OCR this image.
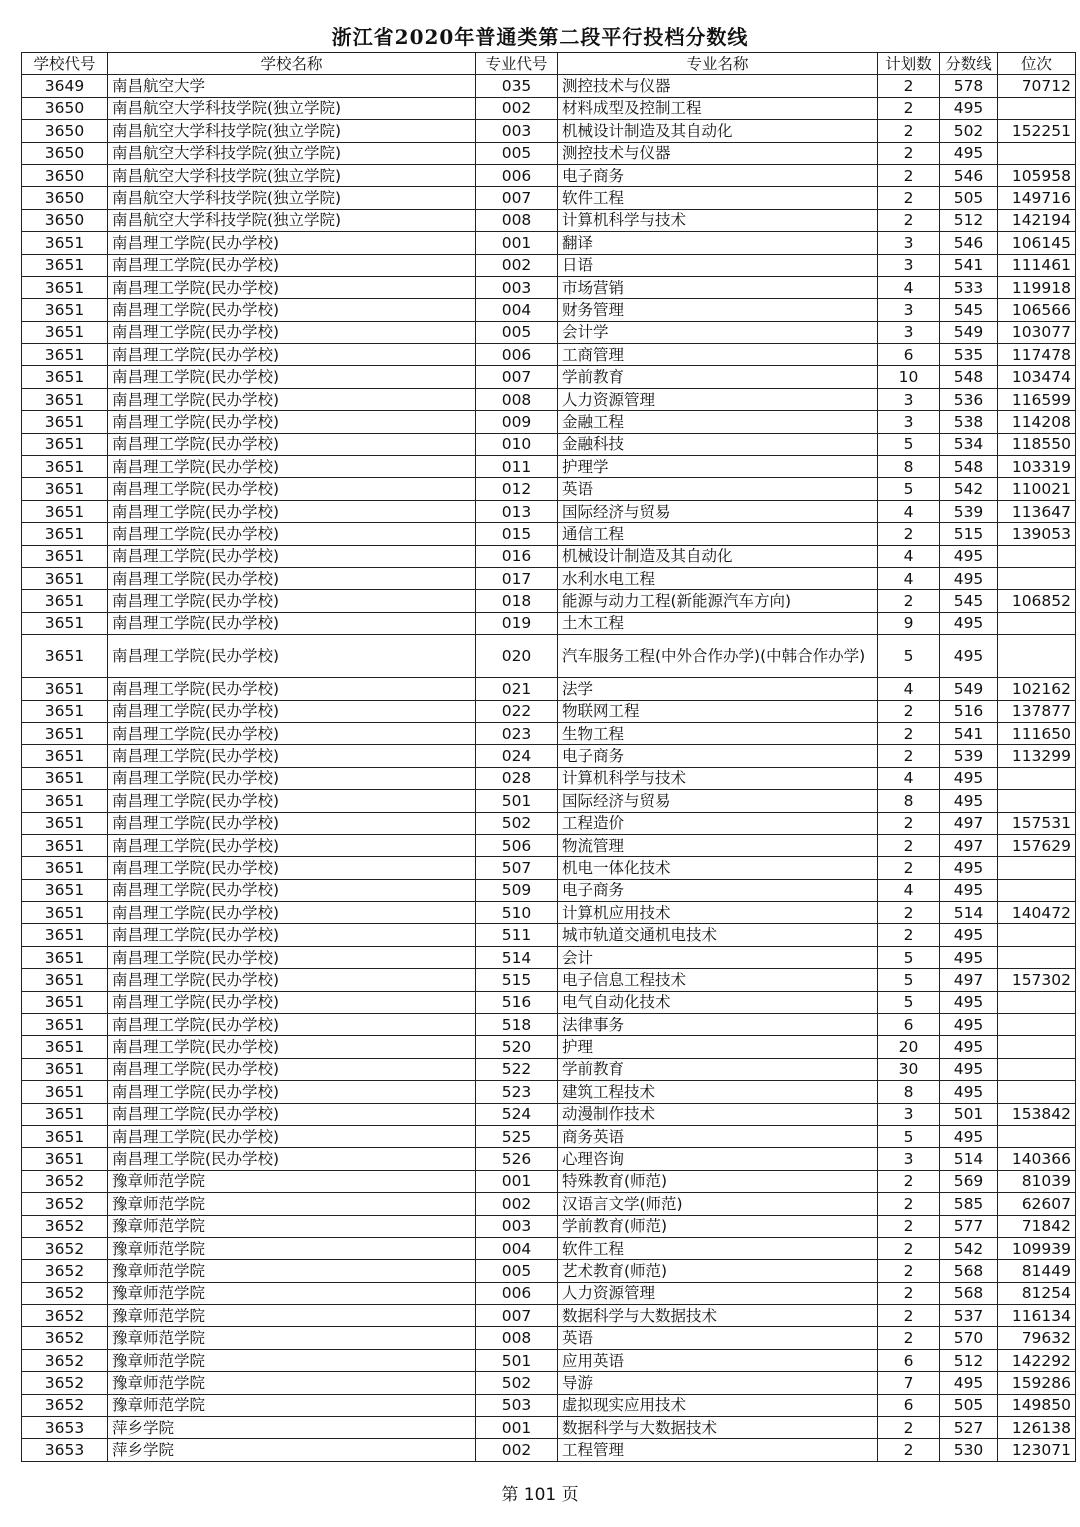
浙江省2020年普通类第二段平行投档分数线
学校代号	学校名称	专业代号	专业名称	计划数	分数线	位次
3649	南昌航空大学	035	测控技术与仪器	2	578	70712
3650	南昌航空大学科技学院(独立学院)	002	材料成型及控制工程	2	495	
3650	南昌航空大学科技学院(独立学院)	003	机械设计制造及其自动化	2	502	152251
3650	南昌航空大学科技学院(独立学院)	005	测控技术与仪器	2	495	
3650	南昌航空大学科技学院(独立学院)	006	电子商务	2	546	105958
3650	南昌航空大学科技学院(独立学院)	007	软件工程	2	505	149716
3650	南昌航空大学科技学院(独立学院)	008	计算机科学与技术	2	512	142194
3651	南昌理工学院(民办学校)	001	翻译	3	546	106145
3651	南昌理工学院(民办学校)	002	日语	3	541	111461
3651	南昌理工学院(民办学校)	003	市场营销	4	533	119918
3651	南昌理工学院(民办学校)	004	财务管理	3	545	106566
3651	南昌理工学院(民办学校)	005	会计学	3	549	103077
3651	南昌理工学院(民办学校)	006	工商管理	6	535	117478
3651	南昌理工学院(民办学校)	007	学前教育	10	548	103474
3651	南昌理工学院(民办学校)	008	人力资源管理	3	536	116599
3651	南昌理工学院(民办学校)	009	金融工程	3	538	114208
3651	南昌理工学院(民办学校)	010	金融科技	5	534	118550
3651	南昌理工学院(民办学校)	011	护理学	8	548	103319
3651	南昌理工学院(民办学校)	012	英语	5	542	110021
3651	南昌理工学院(民办学校)	013	国际经济与贸易	4	539	113647
3651	南昌理工学院(民办学校)	015	通信工程	2	515	139053
3651	南昌理工学院(民办学校)	016	机械设计制造及其自动化	4	495	
3651	南昌理工学院(民办学校)	017	水利水电工程	4	495	
3651	南昌理工学院(民办学校)	018	能源与动力工程(新能源汽车方向)	2	545	106852
3651	南昌理工学院(民办学校)	019	土木工程	9	495	
3651	南昌理工学院(民办学校)	020	汽车服务工程(中外合作办学)(中韩合作办学)	5	495	
3651	南昌理工学院(民办学校)	021	法学	4	549	102162
3651	南昌理工学院(民办学校)	022	物联网工程	2	516	137877
3651	南昌理工学院(民办学校)	023	生物工程	2	541	111650
3651	南昌理工学院(民办学校)	024	电子商务	2	539	113299
3651	南昌理工学院(民办学校)	028	计算机科学与技术	4	495	
3651	南昌理工学院(民办学校)	501	国际经济与贸易	8	495	
3651	南昌理工学院(民办学校)	502	工程造价	2	497	157531
3651	南昌理工学院(民办学校)	506	物流管理	2	497	157629
3651	南昌理工学院(民办学校)	507	机电一体化技术	2	495	
3651	南昌理工学院(民办学校)	509	电子商务	4	495	
3651	南昌理工学院(民办学校)	510	计算机应用技术	2	514	140472
3651	南昌理工学院(民办学校)	511	城市轨道交通机电技术	2	495	
3651	南昌理工学院(民办学校)	514	会计	5	495	
3651	南昌理工学院(民办学校)	515	电子信息工程技术	5	497	157302
3651	南昌理工学院(民办学校)	516	电气自动化技术	5	495	
3651	南昌理工学院(民办学校)	518	法律事务	6	495	
3651	南昌理工学院(民办学校)	520	护理	20	495	
3651	南昌理工学院(民办学校)	522	学前教育	30	495	
3651	南昌理工学院(民办学校)	523	建筑工程技术	8	495	
3651	南昌理工学院(民办学校)	524	动漫制作技术	3	501	153842
3651	南昌理工学院(民办学校)	525	商务英语	5	495	
3651	南昌理工学院(民办学校)	526	心理咨询	3	514	140366
3652	豫章师范学院	001	特殊教育(师范)	2	569	81039
3652	豫章师范学院	002	汉语言文学(师范)	2	585	62607
3652	豫章师范学院	003	学前教育(师范)	2	577	71842
3652	豫章师范学院	004	软件工程	2	542	109939
3652	豫章师范学院	005	艺术教育(师范)	2	568	81449
3652	豫章师范学院	006	人力资源管理	2	568	81254
3652	豫章师范学院	007	数据科学与大数据技术	2	537	116134
3652	豫章师范学院	008	英语	2	570	79632
3652	豫章师范学院	501	应用英语	6	512	142292
3652	豫章师范学院	502	导游	7	495	159286
3652	豫章师范学院	503	虚拟现实应用技术	6	505	149850
3653	萍乡学院	001	数据科学与大数据技术	2	527	126138
3653	萍乡学院	002	工程管理	2	530	123071
第 101 页
